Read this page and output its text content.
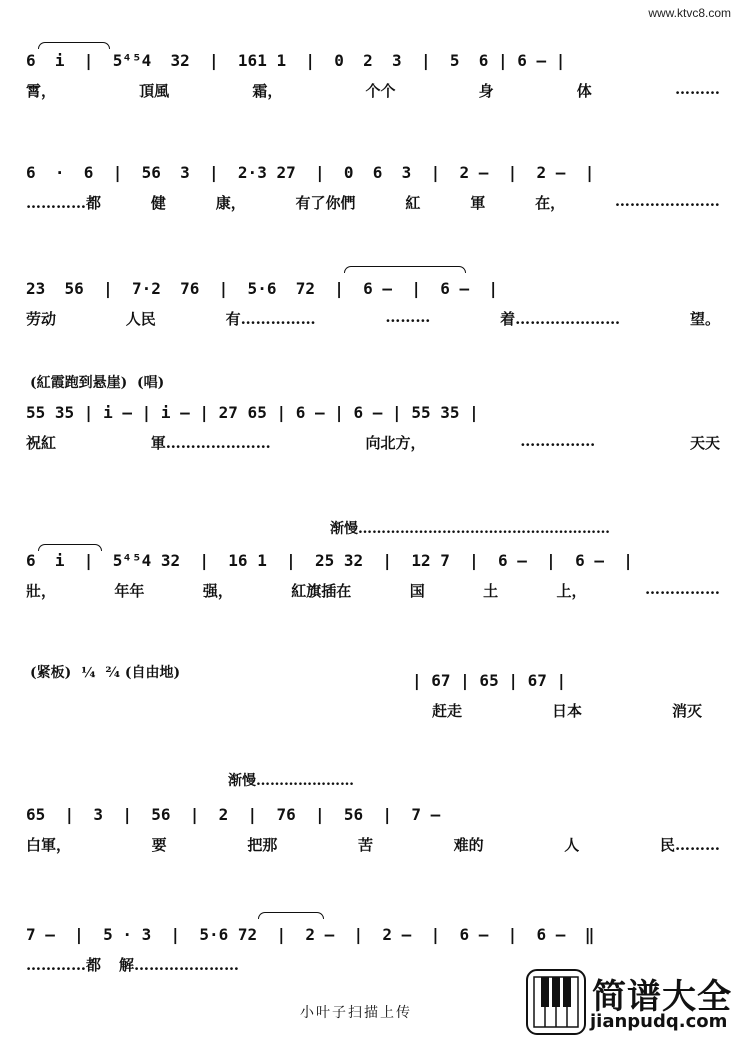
www.ktvc8.com
6  i  |  5⁴⁵4  32  |  161 1  |  0  2  3  |  5  6 | 6 — |
霄，	頂風	霜，	个个	身	体	………
6  ·  6  |  56  3  |  2·3 27  |  0  6  3  |  2 —  |  2 —  |
…………都	健	康，	有了你們	紅	軍	在，	…………………
23  56  |  7·2  76  |  5·6  72  |  6 —  |  6 —  |
劳动	人民	有……………	………	着…………………	望。
(紅霞跑到悬崖)  (唱)
55 35 | i — | i — | 27 65 | 6 — | 6 — | 55 35 |
祝紅	軍…………………	向北方，	……………	天天
渐慢………………………………………………
6  i  |  5⁴⁵4 32  |  16 1  |  25 32  |  12 7  |  6 —  |  6 —  |
壯，	年年	强，	紅旗插在	国	土	上，	……………
(紧板)  ¼  ²⁄₄ (自由地)	| 67 | 65 | 67 |
赶走	日本	消灭
渐慢…………………
65  |  3  |  56  |  2  |  76  |  56  |  7 —
白軍，	要	把那	苦	难的	人	民………
7 —  |  5 · 3  |  5·6 72  |  2 —  |  2 —  |  6 —  |  6 —  ‖
…………都 解…………………
小叶子扫描上传	简谱大全
jianpudq.com
